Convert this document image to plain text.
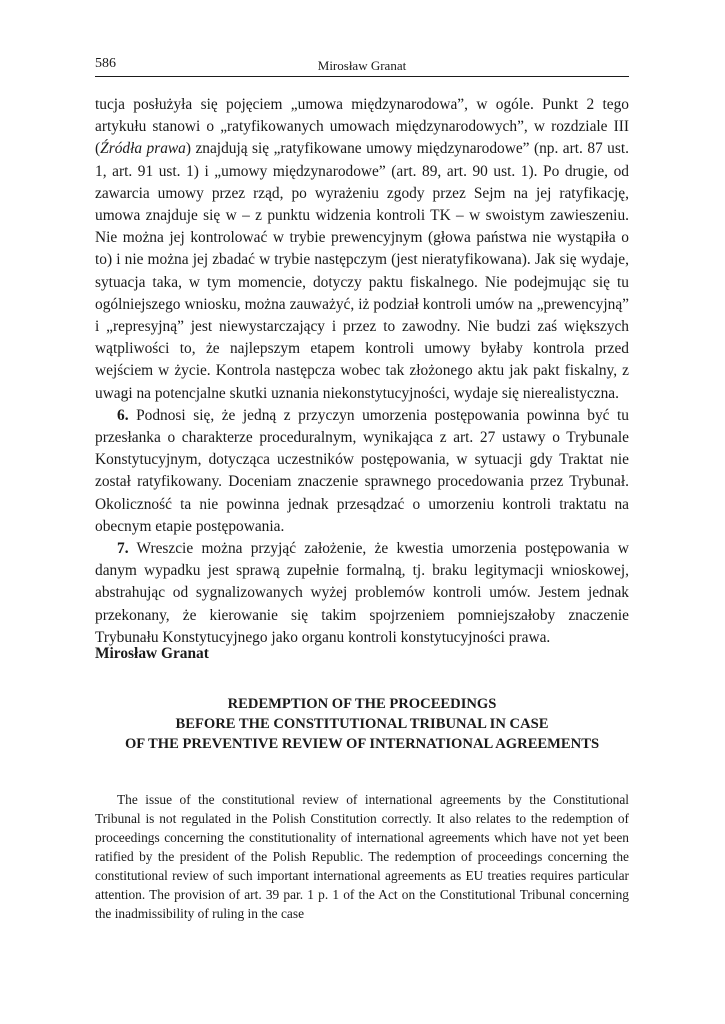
586	Mirosław Granat

tucja posłużyła się pojęciem „umowa międzynarodowa”, w ogóle. Punkt 2 tego artykułu stanowi o „ratyfikowanych umowach międzynarodowych”, w rozdziale III (Źródła prawa) znajdują się „ratyfikowane umowy międzynarodowe” (np. art. 87 ust. 1, art. 91 ust. 1) i „umowy międzynarodowe” (art. 89, art. 90 ust. 1). Po drugie, od zawarcia umowy przez rząd, po wyrażeniu zgody przez Sejm na jej ratyfikację, umowa znajduje się w – z punktu widzenia kontroli TK – w swoistym zawieszeniu. Nie można jej kontrolować w trybie prewencyjnym (głowa państwa nie wystąpiła o to) i nie można jej zbadać w trybie następczym (jest nieratyfikowana). Jak się wydaje, sytuacja taka, w tym momencie, dotyczy paktu fiskalnego. Nie podejmując się tu ogólniejszego wniosku, można zauważyć, iż podział kontroli umów na „prewencyjną” i „represyjną” jest niewystarczający i przez to zawodny. Nie budzi zaś większych wątpliwości to, że najlepszym etapem kontroli umowy byłaby kontrola przed wejściem w życie. Kontrola następcza wobec tak złożonego aktu jak pakt fiskalny, z uwagi na potencjalne skutki uznania niekonstytucyjności, wydaje się nierealistyczna.

6. Podnosi się, że jedną z przyczyn umorzenia postępowania powinna być tu przesłanka o charakterze proceduralnym, wynikająca z art. 27 ustawy o Trybunale Konstytucyjnym, dotycząca uczestników postępowania, w sytuacji gdy Traktat nie został ratyfikowany. Doceniam znaczenie sprawnego procedowania przez Trybunał. Okoliczność ta nie powinna jednak przesądzać o umorzeniu kontroli traktatu na obecnym etapie postępowania.

7. Wreszcie można przyjąć założenie, że kwestia umorzenia postępowania w danym wypadku jest sprawą zupełnie formalną, tj. braku legitymacji wnioskowej, abstrahując od sygnalizowanych wyżej problemów kontroli umów. Jestem jednak przekonany, że kierowanie się takim spojrzeniem pomniejszałoby znaczenie Trybunału Konstytucyjnego jako organu kontroli konstytucyjności prawa.

Mirosław Granat
REDEMPTION OF THE PROCEEDINGS
BEFORE THE CONSTITUTIONAL TRIBUNAL IN CASE
OF THE PREVENTIVE REVIEW OF INTERNATIONAL AGREEMENTS
The issue of the constitutional review of international agreements by the Constitutional Tribunal is not regulated in the Polish Constitution correctly. It also relates to the redemption of proceedings concerning the constitutionality of international agreements which have not yet been ratified by the president of the Polish Republic. The redemption of proceedings concerning the constitutional review of such important international agreements as EU treaties requires particular attention. The provision of art. 39 par. 1 p. 1 of the Act on the Constitutional Tribunal concerning the inadmissibility of ruling in the case
